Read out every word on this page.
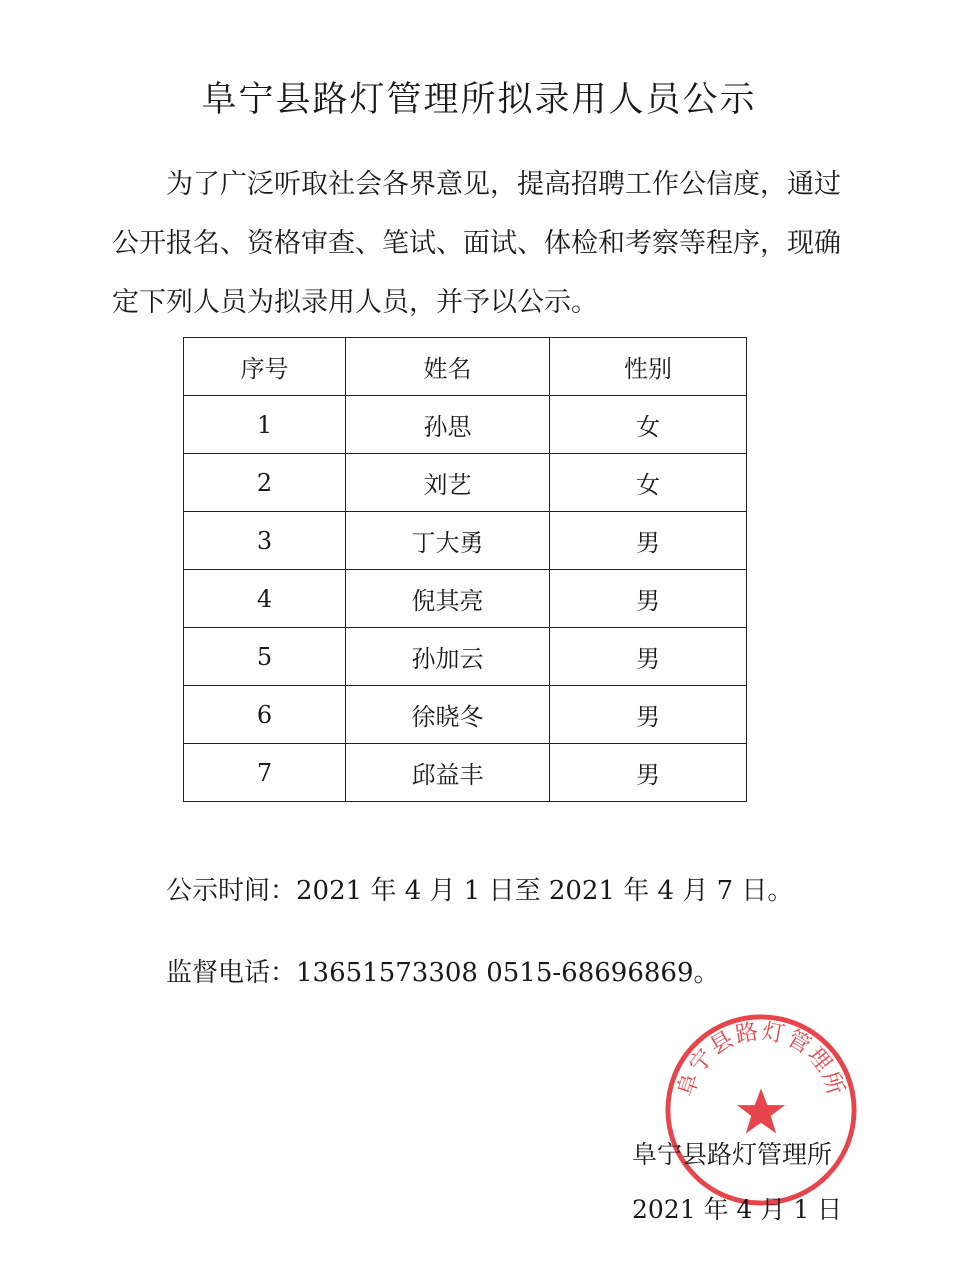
阜宁县路灯管理所拟录用人员公示

为了广泛听取社会各界意见，提高招聘工作公信度，通过公开报名、资格审查、笔试、面试、体检和考察等程序，现确定下列人员为拟录用人员，并予以公示。

序号	姓名	性别
1	孙思	女
2	刘艺	女
3	丁大勇	男
4	倪其亮	男
5	孙加云	男
6	徐晓冬	男
7	邱益丰	男

公示时间：2021 年 4 月 1 日至 2021 年 4 月 7 日。

监督电话：13651573308 0515-68696869。

阜宁县路灯管理所

阜宁县路灯管理所

2021 年 4 月 1 日
